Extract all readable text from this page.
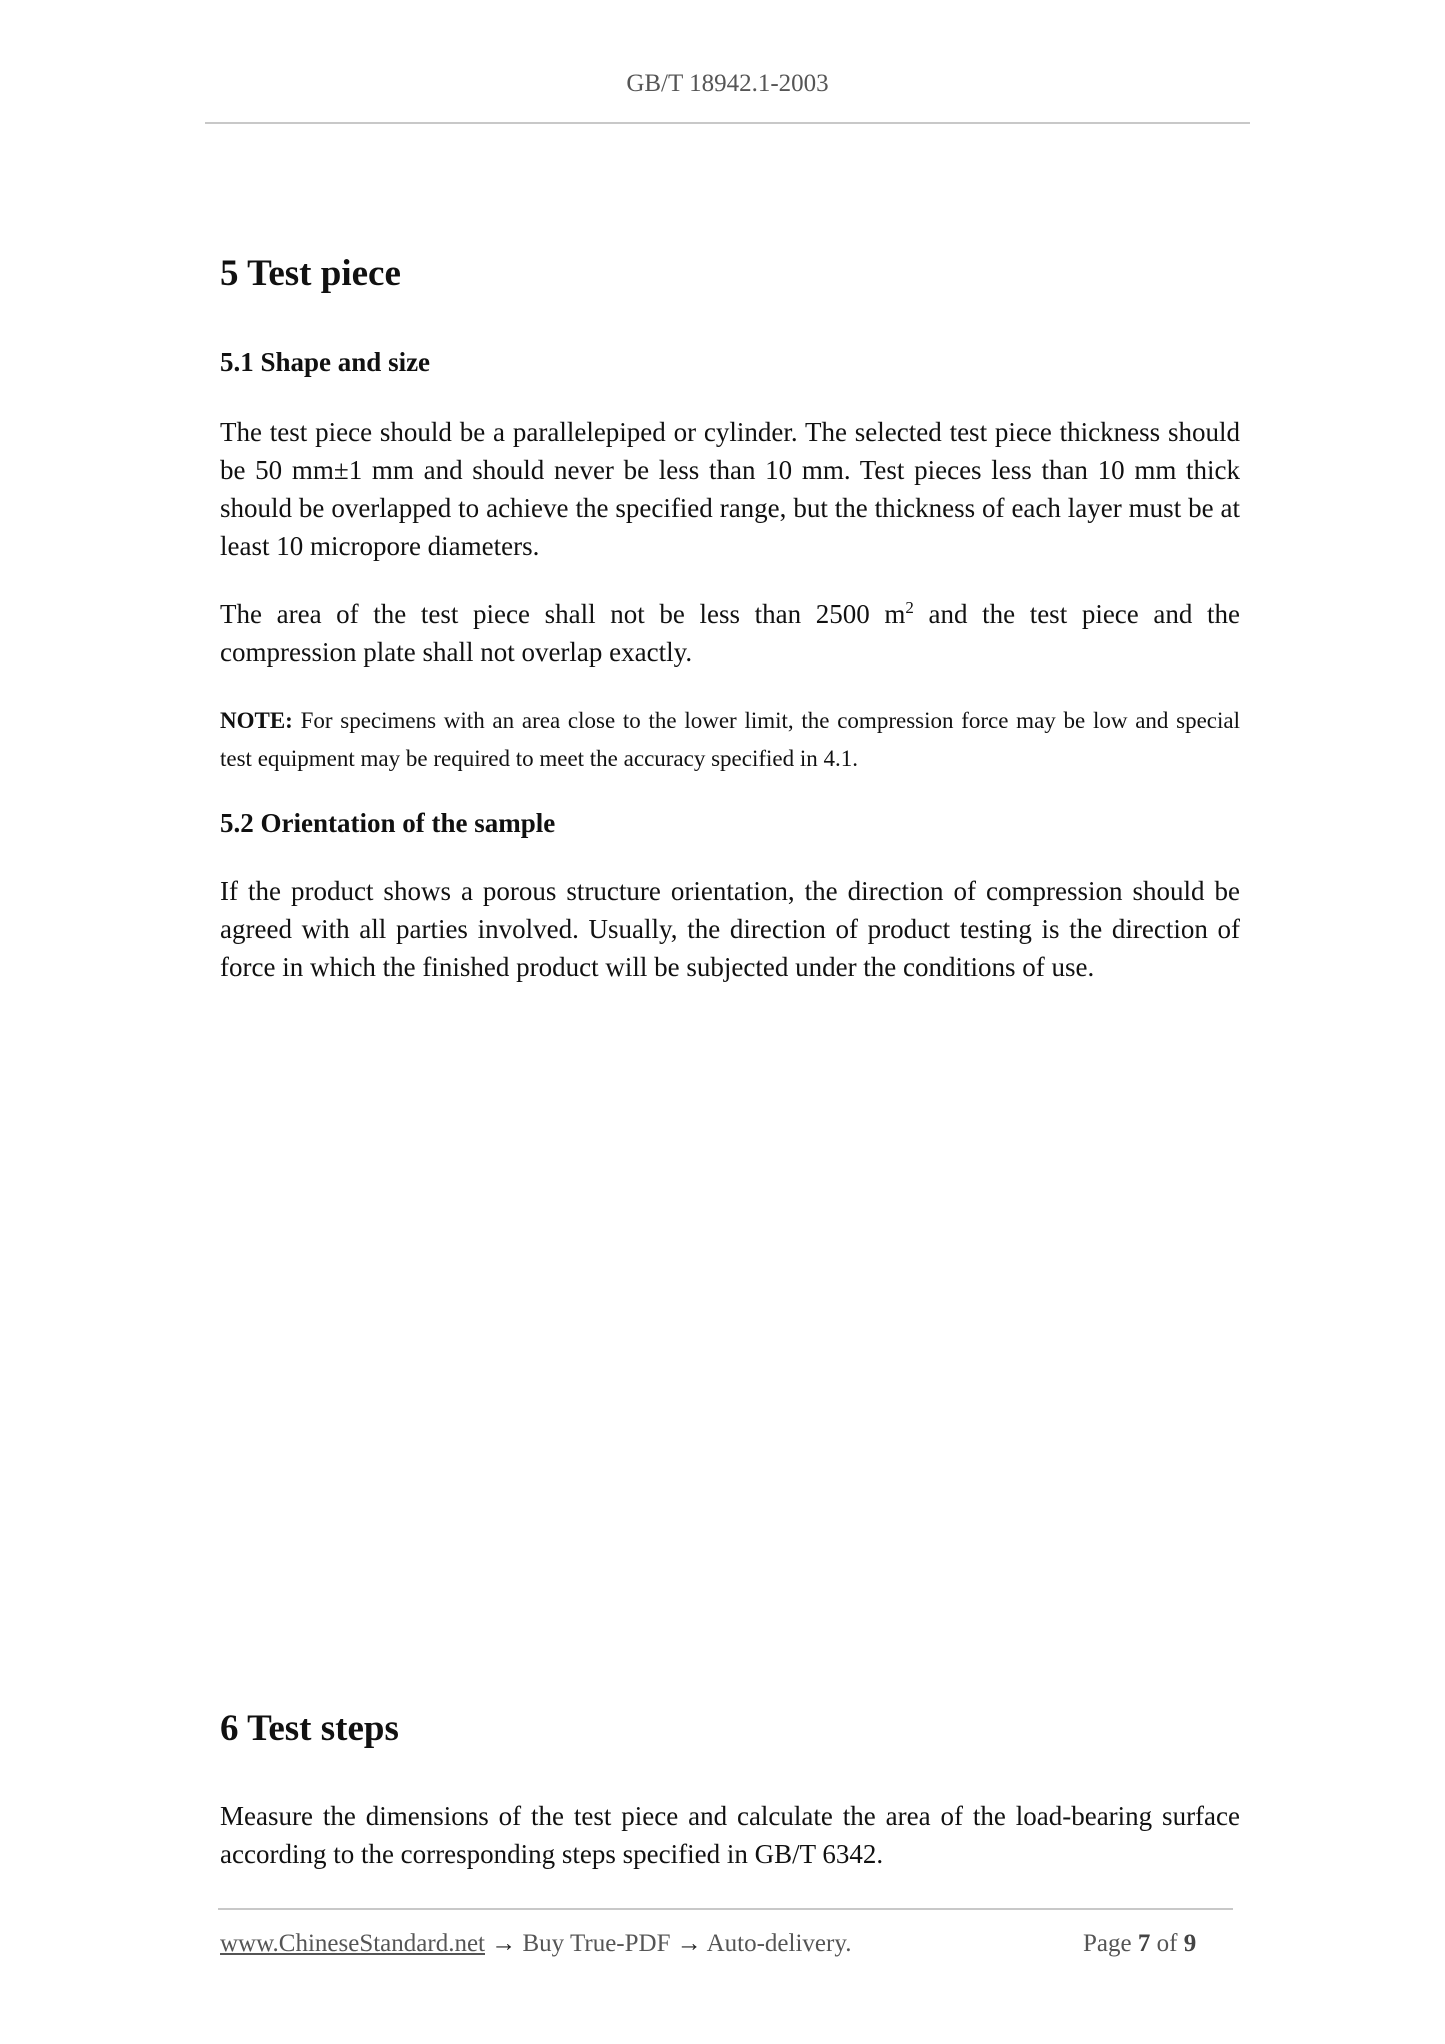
GB/T 18942.1-2003
5 Test piece
5.1 Shape and size

The test piece should be a parallelepiped or cylinder. The selected test piece thickness should be 50 mm±1 mm and should never be less than 10 mm. Test pieces less than 10 mm thick should be overlapped to achieve the specified range, but the thickness of each layer must be at least 10 micropore diameters.

The area of the test piece shall not be less than 2500 $m^2$ and the test piece and the compression plate shall not overlap exactly.

NOTE: For specimens with an area close to the lower limit, the compression force may be low and special test equipment may be required to meet the accuracy specified in 4.1.

5.2 Orientation of the sample

If the product shows a porous structure orientation, the direction of compression should be agreed with all parties involved. Usually, the direction of product testing is the direction of force in which the finished product will be subjected under the conditions of use.

6 Test steps

Measure the dimensions of the test piece and calculate the area of the load-bearing surface according to the corresponding steps specified in GB/T 6342.

www.ChineseStandard.net → Buy True-PDF → Auto-delivery.	Page 7 of 9
